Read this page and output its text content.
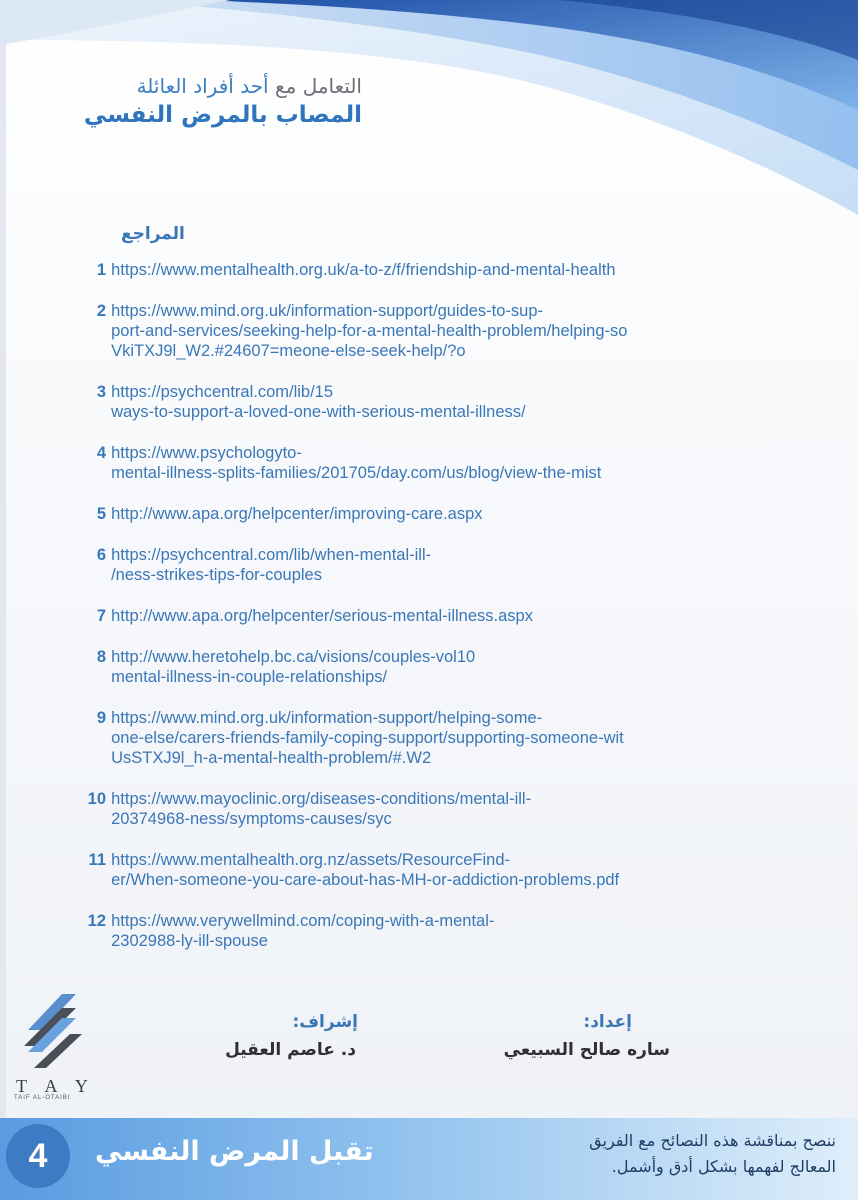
التعامل مع أحد أفراد العائلة
المصاب بالمرض النفسي
المراجع
1
https://www.mentalhealth.org.uk/a-to-z/f/friendship-and-mental-health
2
https://www.mind.org.uk/information-support/guides-to-sup-
port-and-services/seeking-help-for-a-mental-health-problem/helping-so
VkiTXJ9l_W2.#24607=meone-else-seek-help/?o
3
https://psychcentral.com/lib/15
ways-to-support-a-loved-one-with-serious-mental-illness/
4
https://www.psychologyto-
mental-illness-splits-families/201705/day.com/us/blog/view-the-mist
5
http://www.apa.org/helpcenter/improving-care.aspx
6
https://psychcentral.com/lib/when-mental-ill-
/ness-strikes-tips-for-couples
7
http://www.apa.org/helpcenter/serious-mental-illness.aspx
8
http://www.heretohelp.bc.ca/visions/couples-vol10
mental-illness-in-couple-relationships/
9
https://www.mind.org.uk/information-support/helping-some-
one-else/carers-friends-family-coping-support/supporting-someone-wit
UsSTXJ9l_h-a-mental-health-problem/#.W2
10
https://www.mayoclinic.org/diseases-conditions/mental-ill-
20374968-ness/symptoms-causes/syc
11
https://www.mentalhealth.org.nz/assets/ResourceFind-
er/When-someone-you-care-about-has-MH-or-addiction-problems.pdf
12
https://www.verywellmind.com/coping-with-a-mental-
2302988-ly-ill-spouse
إعداد:
ساره صالح السبيعي
إشراف:
د. عاصم العقيل
TAY
TAIF AL-OTAIBI
4	تقبل المرض النفسي	ننصح بمناقشة هذه النصائح مع الفريق
المعالج لفهمها بشكل أدق وأشمل.
